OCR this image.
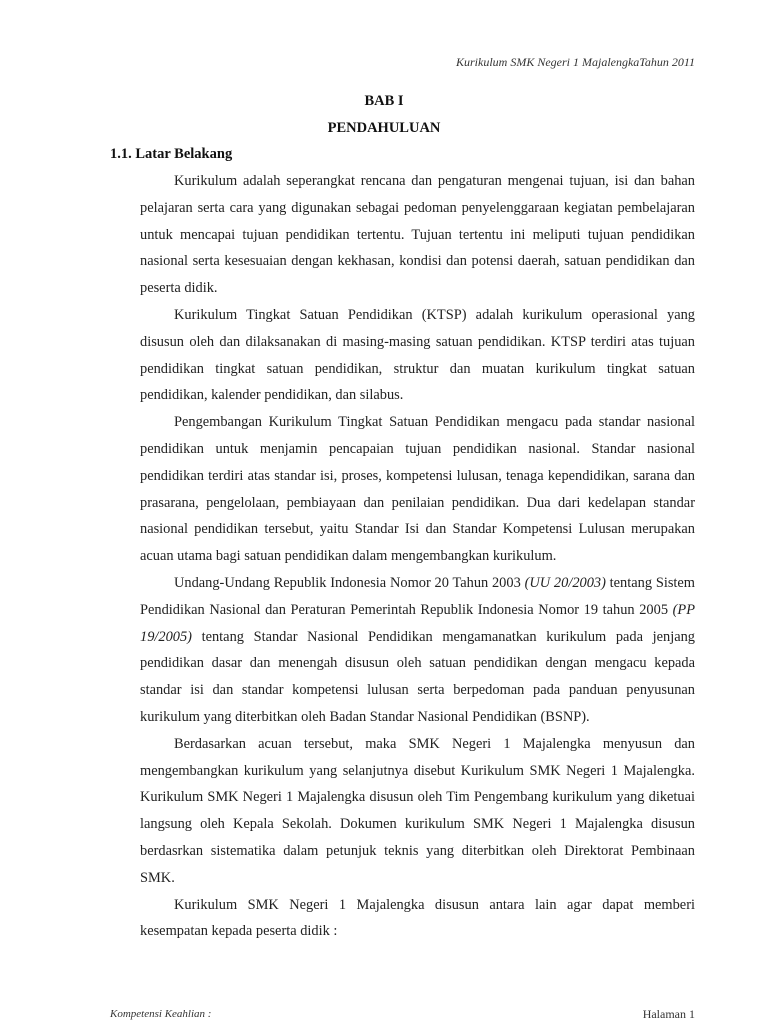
Kurikulum SMK Negeri 1 MajalengkaTahun 2011
BAB I
PENDAHULUAN
1.1. Latar Belakang

Kurikulum adalah seperangkat rencana dan pengaturan mengenai tujuan, isi dan bahan pelajaran serta cara yang digunakan sebagai pedoman penyelenggaraan kegiatan pembelajaran untuk mencapai tujuan pendidikan tertentu. Tujuan tertentu ini meliputi tujuan pendidikan nasional serta kesesuaian dengan kekhasan, kondisi dan potensi daerah, satuan pendidikan dan peserta didik.

Kurikulum Tingkat Satuan Pendidikan (KTSP) adalah kurikulum operasional yang disusun oleh dan dilaksanakan di masing-masing satuan pendidikan. KTSP terdiri atas tujuan pendidikan tingkat satuan pendidikan, struktur dan muatan kurikulum tingkat satuan pendidikan, kalender pendidikan, dan silabus.

Pengembangan Kurikulum Tingkat Satuan Pendidikan mengacu pada standar nasional pendidikan untuk menjamin pencapaian tujuan pendidikan nasional. Standar nasional pendidikan terdiri atas standar isi, proses, kompetensi lulusan, tenaga kependidikan, sarana dan prasarana, pengelolaan, pembiayaan dan penilaian pendidikan. Dua dari kedelapan standar nasional pendidikan tersebut, yaitu Standar Isi dan Standar Kompetensi Lulusan merupakan acuan utama bagi satuan pendidikan dalam mengembangkan kurikulum.

Undang-Undang Republik Indonesia Nomor 20 Tahun 2003 (UU 20/2003) tentang Sistem Pendidikan Nasional dan Peraturan Pemerintah Republik Indonesia Nomor 19 tahun 2005 (PP 19/2005) tentang Standar Nasional Pendidikan mengamanatkan kurikulum pada jenjang pendidikan dasar dan menengah disusun oleh satuan pendidikan dengan mengacu kepada standar isi dan standar kompetensi lulusan serta berpedoman pada panduan penyusunan kurikulum yang diterbitkan oleh Badan Standar Nasional Pendidikan (BSNP).

Berdasarkan acuan tersebut, maka SMK Negeri 1 Majalengka menyusun dan mengembangkan kurikulum yang selanjutnya disebut Kurikulum SMK Negeri 1 Majalengka. Kurikulum SMK Negeri 1 Majalengka disusun oleh Tim Pengembang kurikulum yang diketuai langsung oleh Kepala Sekolah. Dokumen kurikulum SMK Negeri 1 Majalengka disusun berdasrkan sistematika dalam petunjuk teknis yang diterbitkan oleh Direktorat Pembinaan SMK.

Kurikulum SMK Negeri 1 Majalengka disusun antara lain agar dapat memberi kesempatan kepada peserta didik :

Kompetensi Keahlian :	Halaman 1
